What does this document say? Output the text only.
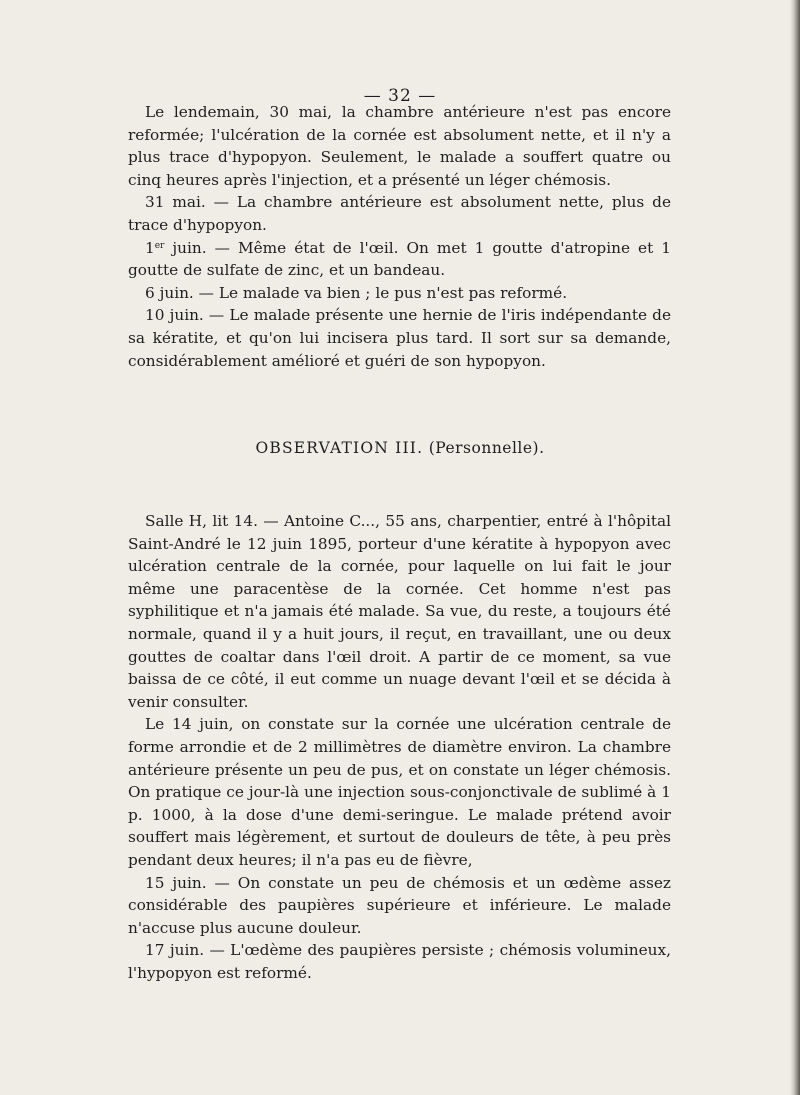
— 32 —

Le lendemain, 30 mai, la chambre antérieure n'est pas encore reformée; l'ulcération de la cornée est absolument nette, et il n'y a plus trace d'hypopyon. Seulement, le malade a souffert quatre ou cinq heures après l'injection, et a présenté un léger chémosis.

31 mai. — La chambre antérieure est absolument nette, plus de trace d'hypopyon.

1er juin. — Même état de l'œil. On met 1 goutte d'atropine et 1 goutte de sulfate de zinc, et un bandeau.

6 juin. — Le malade va bien ; le pus n'est pas reformé.

10 juin. — Le malade présente une hernie de l'iris indépendante de sa kératite, et qu'on lui incisera plus tard. Il sort sur sa demande, considérablement amélioré et guéri de son hypopyon.

OBSERVATION III. (Personnelle).

Salle H, lit 14. — Antoine C..., 55 ans, charpentier, entré à l'hôpital Saint-André le 12 juin 1895, porteur d'une kératite à hypopyon avec ulcération centrale de la cornée, pour laquelle on lui fait le jour même une paracentèse de la cornée. Cet homme n'est pas syphilitique et n'a jamais été malade. Sa vue, du reste, a toujours été normale, quand il y a huit jours, il reçut, en travaillant, une ou deux gouttes de coaltar dans l'œil droit. A partir de ce moment, sa vue baissa de ce côté, il eut comme un nuage devant l'œil et se décida à venir consulter.

Le 14 juin, on constate sur la cornée une ulcération centrale de forme arrondie et de 2 millimètres de diamètre environ. La chambre antérieure présente un peu de pus, et on constate un léger chémosis. On pratique ce jour-là une injection sous-conjonctivale de sublimé à 1 p. 1000, à la dose d'une demi-seringue. Le malade prétend avoir souffert mais légèrement, et surtout de douleurs de tête, à peu près pendant deux heures; il n'a pas eu de fièvre,

15 juin. — On constate un peu de chémosis et un œdème assez considérable des paupières supérieure et inférieure. Le malade n'accuse plus aucune douleur.

17 juin. — L'œdème des paupières persiste ; chémosis volumineux, l'hypopyon est reformé.
